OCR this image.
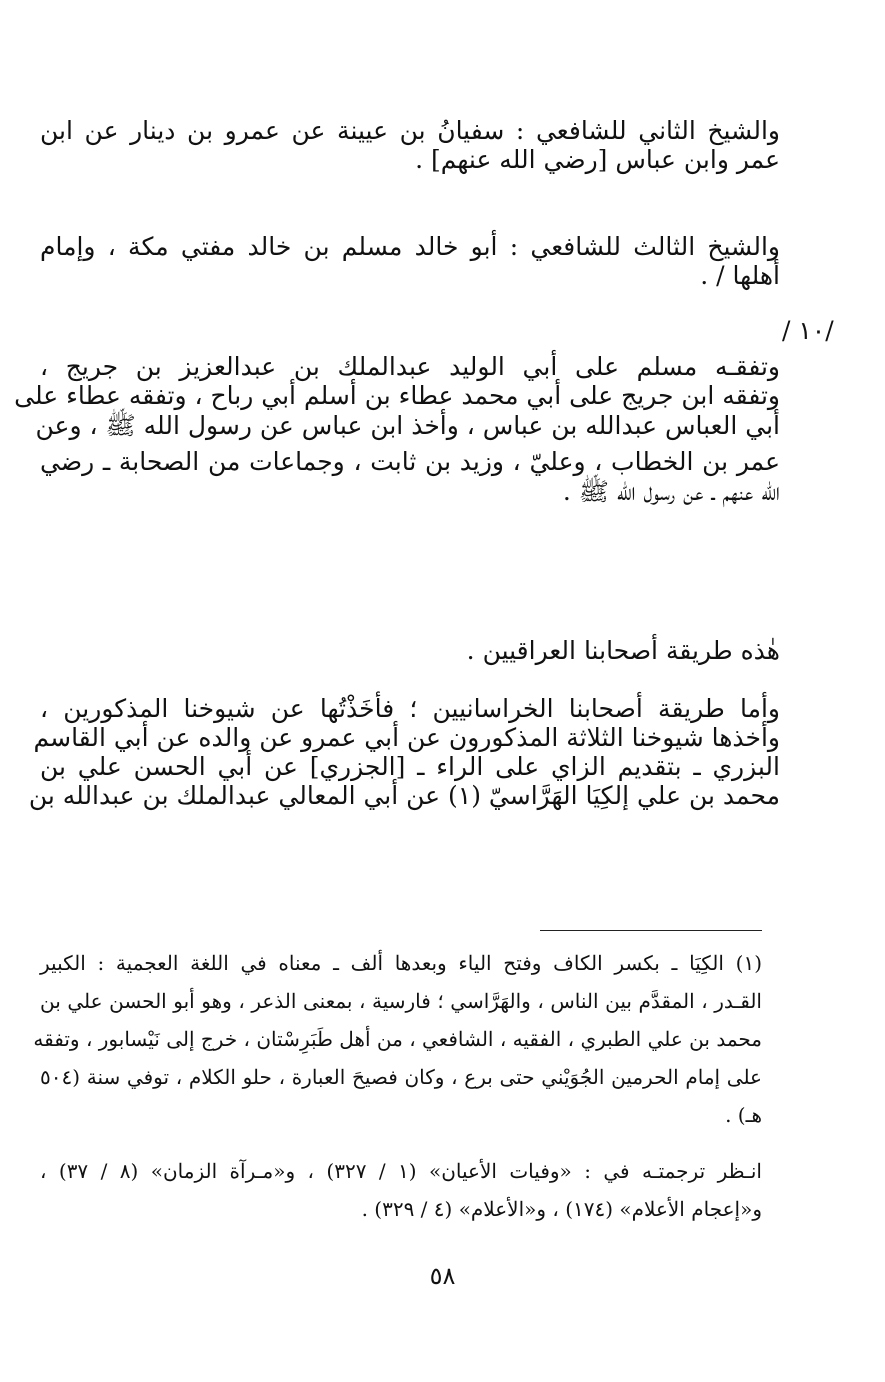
والشيخ الثاني للشافعي : سفيانُ بن عيينة عن عمرو بن دينار عن ابن
عمر وابن عباس [رضي الله عنهم] .
والشيخ الثالث للشافعي : أبو خالد مسلم بن خالد مفتي مكة ، وإمام
أهلها / .
/ ١٠/
وتفقـه مسلم على أبي الوليد عبدالملك بن عبدالعزيز بن جريج ،
وتفقه ابن جريج على أبي محمد عطاء بن أسلم أبي رباح ، وتفقه عطاء على
أبي العباس عبدالله بن عباس ، وأخذ ابن عباس عن رسول الله ﷺ ، وعن
عمر بن الخطاب ، وعليّ ، وزيد بن ثابت ، وجماعات من الصحابة ـ رضي
الله عنهم ـ عن رسول الله ﷺ .
هٰذه طريقة أصحابنا العراقيين .
وأما طريقة أصحابنا الخراسانيين ؛ فأخَذْتُها عن شيوخنا المذكورين ،
وأخذها شيوخنا الثلاثة المذكورون عن أبي عمرو عن والده عن أبي القاسم
البزري ـ بتقديم الزاي على الراء ـ [الجزري] عن أبي الحسن علي بن
محمد بن علي إلكِيَا الهَرَّاسيّ (١) عن أبي المعالي عبدالملك بن عبدالله بن
(١) الكِيَا ـ بكسر الكاف وفتح الياء وبعدها ألف ـ معناه في اللغة العجمية : الكبير
القـدر ، المقدَّم بين الناس ، والهَرَّاسي ؛ فارسية ، بمعنى الذعر ، وهو أبو الحسن علي بن
محمد بن علي الطبري ، الفقيه ، الشافعي ، من أهل طَبَرِسْتان ، خرج إلى نَيْسابور ، وتفقه
على إمام الحرمين الجُوَيْني حتى برع ، وكان فصيحَ العبارة ، حلو الكلام ، توفي سنة (٥٠٤
هـ) .
انـظر ترجمتـه في : «وفيات الأعيان» (١ / ٣٢٧) ، و«مـرآة الزمان» (٨ / ٣٧) ،
و«إعجام الأعلام» (١٧٤) ، و«الأعلام» (٤ / ٣٢٩) .
٥٨
